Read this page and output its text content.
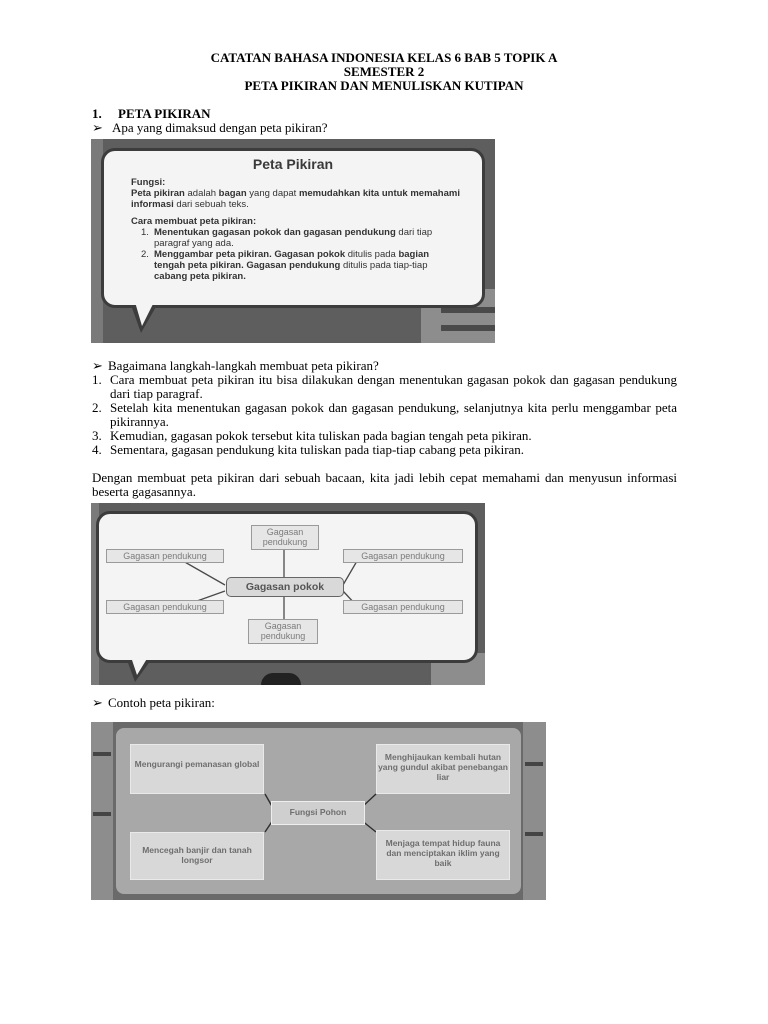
CATATAN BAHASA INDONESIA KELAS 6 BAB 5 TOPIK A
SEMESTER 2
PETA PIKIRAN DAN MENULISKAN KUTIPAN
1. PETA PIKIRAN
➢ Apa yang dimaksud dengan peta pikiran?
Peta Pikiran
Fungsi:
Peta pikiran adalah bagan yang dapat memudahkan kita untuk memahami informasi dari sebuah teks.
Cara membuat peta pikiran:
1. Menentukan gagasan pokok dan gagasan pendukung dari tiap paragraf yang ada.
2. Menggambar peta pikiran. Gagasan pokok ditulis pada bagian tengah peta pikiran. Gagasan pendukung ditulis pada tiap-tiap cabang peta pikiran.
➢ Bagaimana langkah-langkah membuat peta pikiran?
1. Cara membuat peta pikiran itu bisa dilakukan dengan menentukan gagasan pokok dan gagasan pendukung dari tiap paragraf.
2. Setelah kita menentukan gagasan pokok dan gagasan pendukung, selanjutnya kita perlu menggambar peta pikirannya.
3. Kemudian, gagasan pokok tersebut kita tuliskan pada bagian tengah peta pikiran.
4. Sementara, gagasan pendukung kita tuliskan pada tiap-tiap cabang peta pikiran.
Dengan membuat peta pikiran dari sebuah bacaan, kita jadi lebih cepat memahami dan menyusun informasi beserta gagasannya.
Gagasan pendukung
Gagasan pendukung	Gagasan pendukung
Gagasan pokok
Gagasan pendukung	Gagasan pendukung
Gagasan pendukung
➢ Contoh peta pikiran:
Mengurangi pemanasan global
Menghijaukan kembali hutan yang gundul akibat penebangan liar
Fungsi Pohon
Mencegah banjir dan tanah longsor
Menjaga tempat hidup fauna dan menciptakan iklim yang baik
